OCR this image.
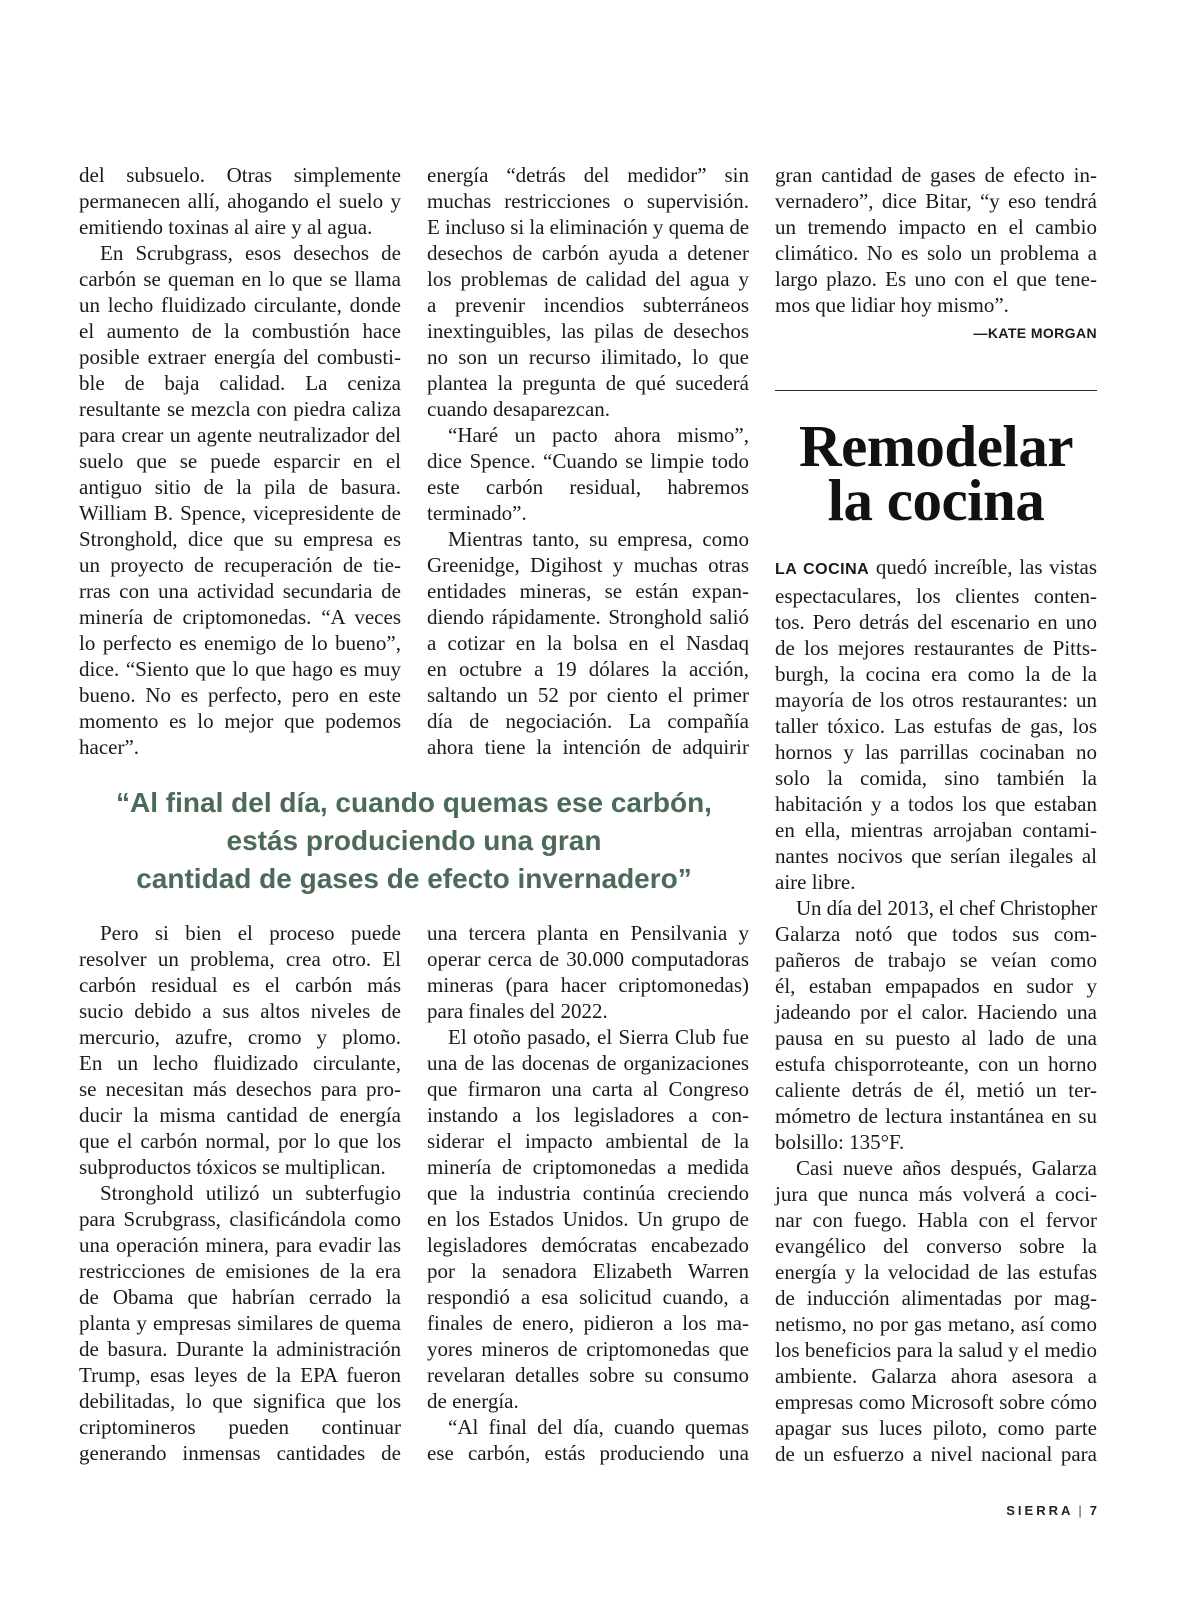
del subsuelo. Otras simplemente
permanecen allí, ahogando el suelo y
emitiendo toxinas al aire y al agua.
En Scrubgrass, esos desechos de
carbón se queman en lo que se llama
un lecho fluidizado circulante, donde
el aumento de la combustión hace
posible extraer energía del combusti-
ble de baja calidad. La ceniza
resultante se mezcla con piedra caliza
para crear un agente neutralizador del
suelo que se puede esparcir en el
antiguo sitio de la pila de basura.
William B. Spence, vicepresidente de
Stronghold, dice que su empresa es
un proyecto de recuperación de tie-
rras con una actividad secundaria de
minería de criptomonedas. “A veces
lo perfecto es enemigo de lo bueno”,
dice. “Siento que lo que hago es muy
bueno. No es perfecto, pero en este
momento es lo mejor que podemos
hacer”.
energía “detrás del medidor” sin
muchas restricciones o supervisión.
E incluso si la eliminación y quema de
desechos de carbón ayuda a detener
los problemas de calidad del agua y
a prevenir incendios subterráneos
inextinguibles, las pilas de desechos
no son un recurso ilimitado, lo que
plantea la pregunta de qué sucederá
cuando desaparezcan.
“Haré un pacto ahora mismo”,
dice Spence. “Cuando se limpie todo
este carbón residual, habremos
terminado”.
Mientras tanto, su empresa, como
Greenidge, Digihost y muchas otras
entidades mineras, se están expan-
diendo rápidamente. Stronghold salió
a cotizar en la bolsa en el Nasdaq
en octubre a 19 dólares la acción,
saltando un 52 por ciento el primer
día de negociación. La compañía
ahora tiene la intención de adquirir
gran cantidad de gases de efecto in-
vernadero”, dice Bitar, “y eso tendrá
un tremendo impacto en el cambio
climático. No es solo un problema a
largo plazo. Es uno con el que tene-
mos que lidiar hoy mismo”.
—KATE MORGAN
Remodelar
la cocina
“Al final del día, cuando quemas ese carbón,
estás produciendo una gran
cantidad de gases de efecto invernadero”
Pero si bien el proceso puede
resolver un problema, crea otro. El
carbón residual es el carbón más
sucio debido a sus altos niveles de
mercurio, azufre, cromo y plomo.
En un lecho fluidizado circulante,
se necesitan más desechos para pro-
ducir la misma cantidad de energía
que el carbón normal, por lo que los
subproductos tóxicos se multiplican.
Stronghold utilizó un subterfugio
para Scrubgrass, clasificándola como
una operación minera, para evadir las
restricciones de emisiones de la era
de Obama que habrían cerrado la
planta y empresas similares de quema
de basura. Durante la administración
Trump, esas leyes de la EPA fueron
debilitadas, lo que significa que los
criptomineros pueden continuar
generando inmensas cantidades de
una tercera planta en Pensilvania y
operar cerca de 30.000 computadoras
mineras (para hacer criptomonedas)
para finales del 2022.
El otoño pasado, el Sierra Club fue
una de las docenas de organizaciones
que firmaron una carta al Congreso
instando a los legisladores a con-
siderar el impacto ambiental de la
minería de criptomonedas a medida
que la industria continúa creciendo
en los Estados Unidos. Un grupo de
legisladores demócratas encabezado
por la senadora Elizabeth Warren
respondió a esa solicitud cuando, a
finales de enero, pidieron a los ma-
yores mineros de criptomonedas que
revelaran detalles sobre su consumo
de energía.
“Al final del día, cuando quemas
ese carbón, estás produciendo una
LA COCINA quedó increíble, las vistas
espectaculares, los clientes conten-
tos. Pero detrás del escenario en uno
de los mejores restaurantes de Pitts-
burgh, la cocina era como la de la
mayoría de los otros restaurantes: un
taller tóxico. Las estufas de gas, los
hornos y las parrillas cocinaban no
solo la comida, sino también la
habitación y a todos los que estaban
en ella, mientras arrojaban contami-
nantes nocivos que serían ilegales al
aire libre.
Un día del 2013, el chef Christopher
Galarza notó que todos sus com-
pañeros de trabajo se veían como
él, estaban empapados en sudor y
jadeando por el calor. Haciendo una
pausa en su puesto al lado de una
estufa chisporroteante, con un horno
caliente detrás de él, metió un ter-
mómetro de lectura instantánea en su
bolsillo: 135°F.
Casi nueve años después, Galarza
jura que nunca más volverá a coci-
nar con fuego. Habla con el fervor
evangélico del converso sobre la
energía y la velocidad de las estufas
de inducción alimentadas por mag-
netismo, no por gas metano, así como
los beneficios para la salud y el medio
ambiente. Galarza ahora asesora a
empresas como Microsoft sobre cómo
apagar sus luces piloto, como parte
de un esfuerzo a nivel nacional para
SIERRA | 7
